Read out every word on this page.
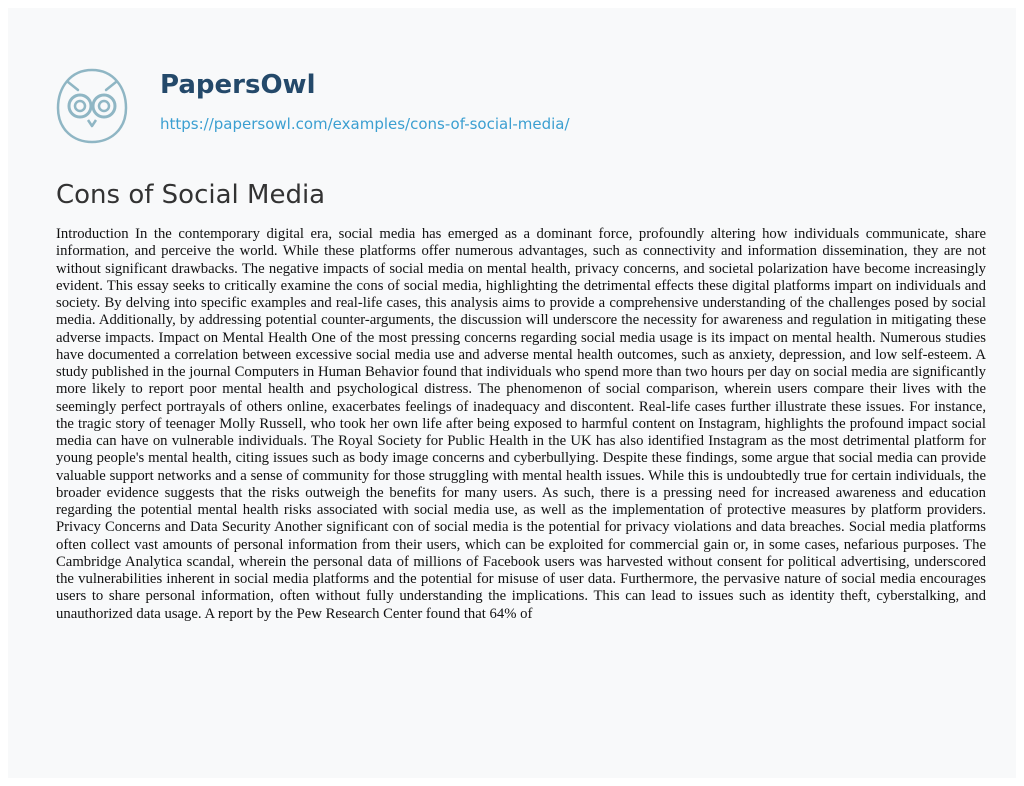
PapersOwl
https://papersowl.com/examples/cons-of-social-media/
Cons of Social Media

Introduction In the contemporary digital era, social media has emerged as a dominant force, profoundly altering how individuals communicate, share information, and perceive the world. While these platforms offer numerous advantages, such as connectivity and information dissemination, they are not without significant drawbacks. The negative impacts of social media on mental health, privacy concerns, and societal polarization have become increasingly evident. This essay seeks to critically examine the cons of social media, highlighting the detrimental effects these digital platforms impart on individuals and society. By delving into specific examples and real-life cases, this analysis aims to provide a comprehensive understanding of the challenges posed by social media. Additionally, by addressing potential counter-arguments, the discussion will underscore the necessity for awareness and regulation in mitigating these adverse impacts. Impact on Mental Health One of the most pressing concerns regarding social media usage is its impact on mental health. Numerous studies have documented a correlation between excessive social media use and adverse mental health outcomes, such as anxiety, depression, and low self-esteem. A study published in the journal Computers in Human Behavior found that individuals who spend more than two hours per day on social media are significantly more likely to report poor mental health and psychological distress. The phenomenon of social comparison, wherein users compare their lives with the seemingly perfect portrayals of others online, exacerbates feelings of inadequacy and discontent. Real-life cases further illustrate these issues. For instance, the tragic story of teenager Molly Russell, who took her own life after being exposed to harmful content on Instagram, highlights the profound impact social media can have on vulnerable individuals. The Royal Society for Public Health in the UK has also identified Instagram as the most detrimental platform for young people's mental health, citing issues such as body image concerns and cyberbullying. Despite these findings, some argue that social media can provide valuable support networks and a sense of community for those struggling with mental health issues. While this is undoubtedly true for certain individuals, the broader evidence suggests that the risks outweigh the benefits for many users. As such, there is a pressing need for increased awareness and education regarding the potential mental health risks associated with social media use, as well as the implementation of protective measures by platform providers. Privacy Concerns and Data Security Another significant con of social media is the potential for privacy violations and data breaches. Social media platforms often collect vast amounts of personal information from their users, which can be exploited for commercial gain or, in some cases, nefarious purposes. The Cambridge Analytica scandal, wherein the personal data of millions of Facebook users was harvested without consent for political advertising, underscored the vulnerabilities inherent in social media platforms and the potential for misuse of user data. Furthermore, the pervasive nature of social media encourages users to share personal information, often without fully understanding the implications. This can lead to issues such as identity theft, cyberstalking, and unauthorized data usage. A report by the Pew Research Center found that 64% of
